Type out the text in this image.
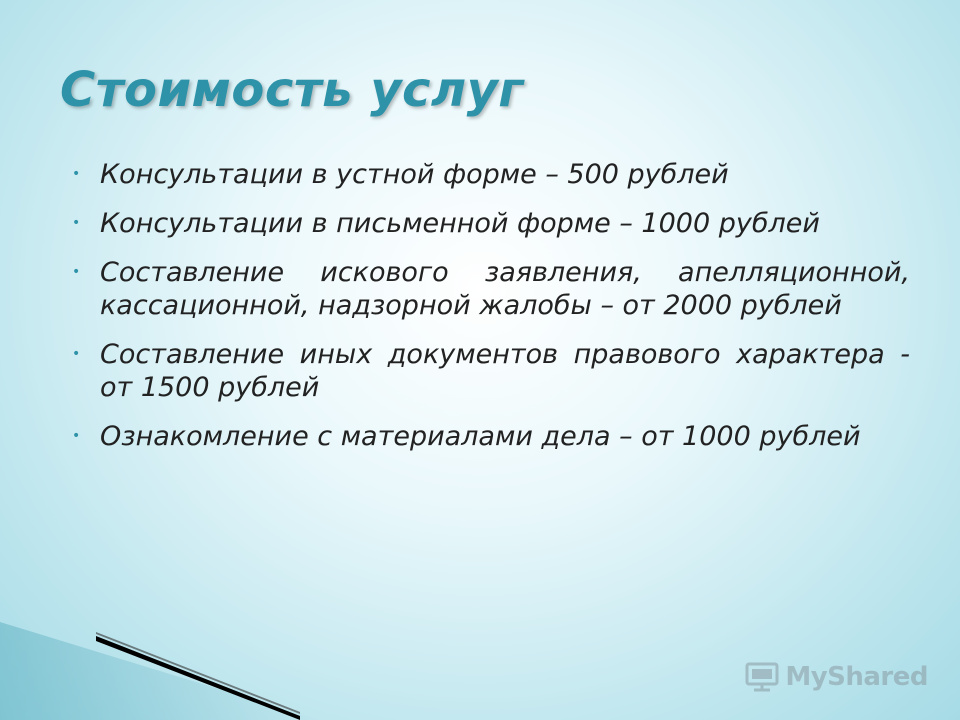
Стоимость услуг
• Консультации в устной форме – 500 рублей
• Консультации в письменной форме – 1000 рублей
• Составление искового заявления, апелляционной, кассационной, надзорной жалобы – от 2000 рублей
• Составление иных документов правового характера - от 1500 рублей
• Ознакомление с материалами дела – от 1000 рублей
MyShared
